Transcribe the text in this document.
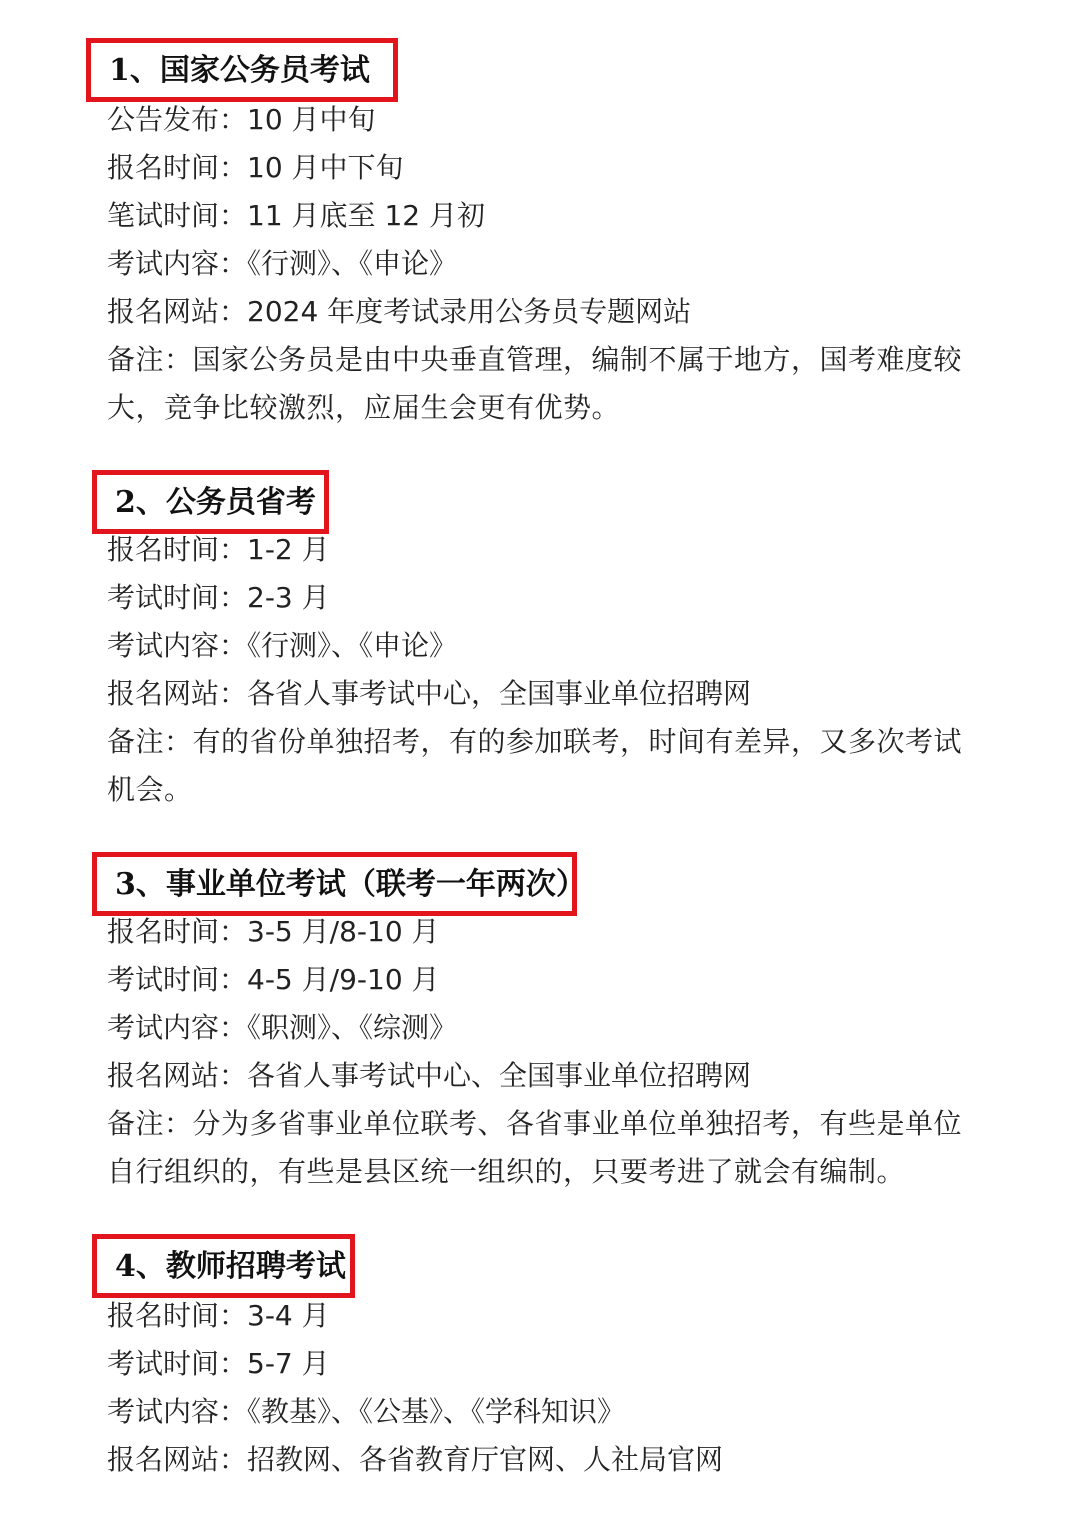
1、国家公务员考试
公告发布：10 月中旬
报名时间：10 月中下旬
笔试时间：11 月底至 12 月初
考试内容：《行测》、《申论》
报名网站：2024 年度考试录用公务员专题网站
备注：国家公务员是由中央垂直管理，编制不属于地方，国考难度较大，竞争比较激烈，应届生会更有优势。
2、公务员省考
报名时间：1-2 月
考试时间：2-3 月
考试内容：《行测》、《申论》
报名网站：各省人事考试中心，全国事业单位招聘网
备注：有的省份单独招考，有的参加联考，时间有差异，又多次考试机会。
3、事业单位考试（联考一年两次）
报名时间：3-5 月/8-10 月
考试时间：4-5 月/9-10 月
考试内容：《职测》、《综测》
报名网站：各省人事考试中心、全国事业单位招聘网
备注：分为多省事业单位联考、各省事业单位单独招考，有些是单位自行组织的，有些是县区统一组织的，只要考进了就会有编制。
4、教师招聘考试
报名时间：3-4 月
考试时间：5-7 月
考试内容：《教基》、《公基》、《学科知识》
报名网站：招教网、各省教育厅官网、人社局官网
